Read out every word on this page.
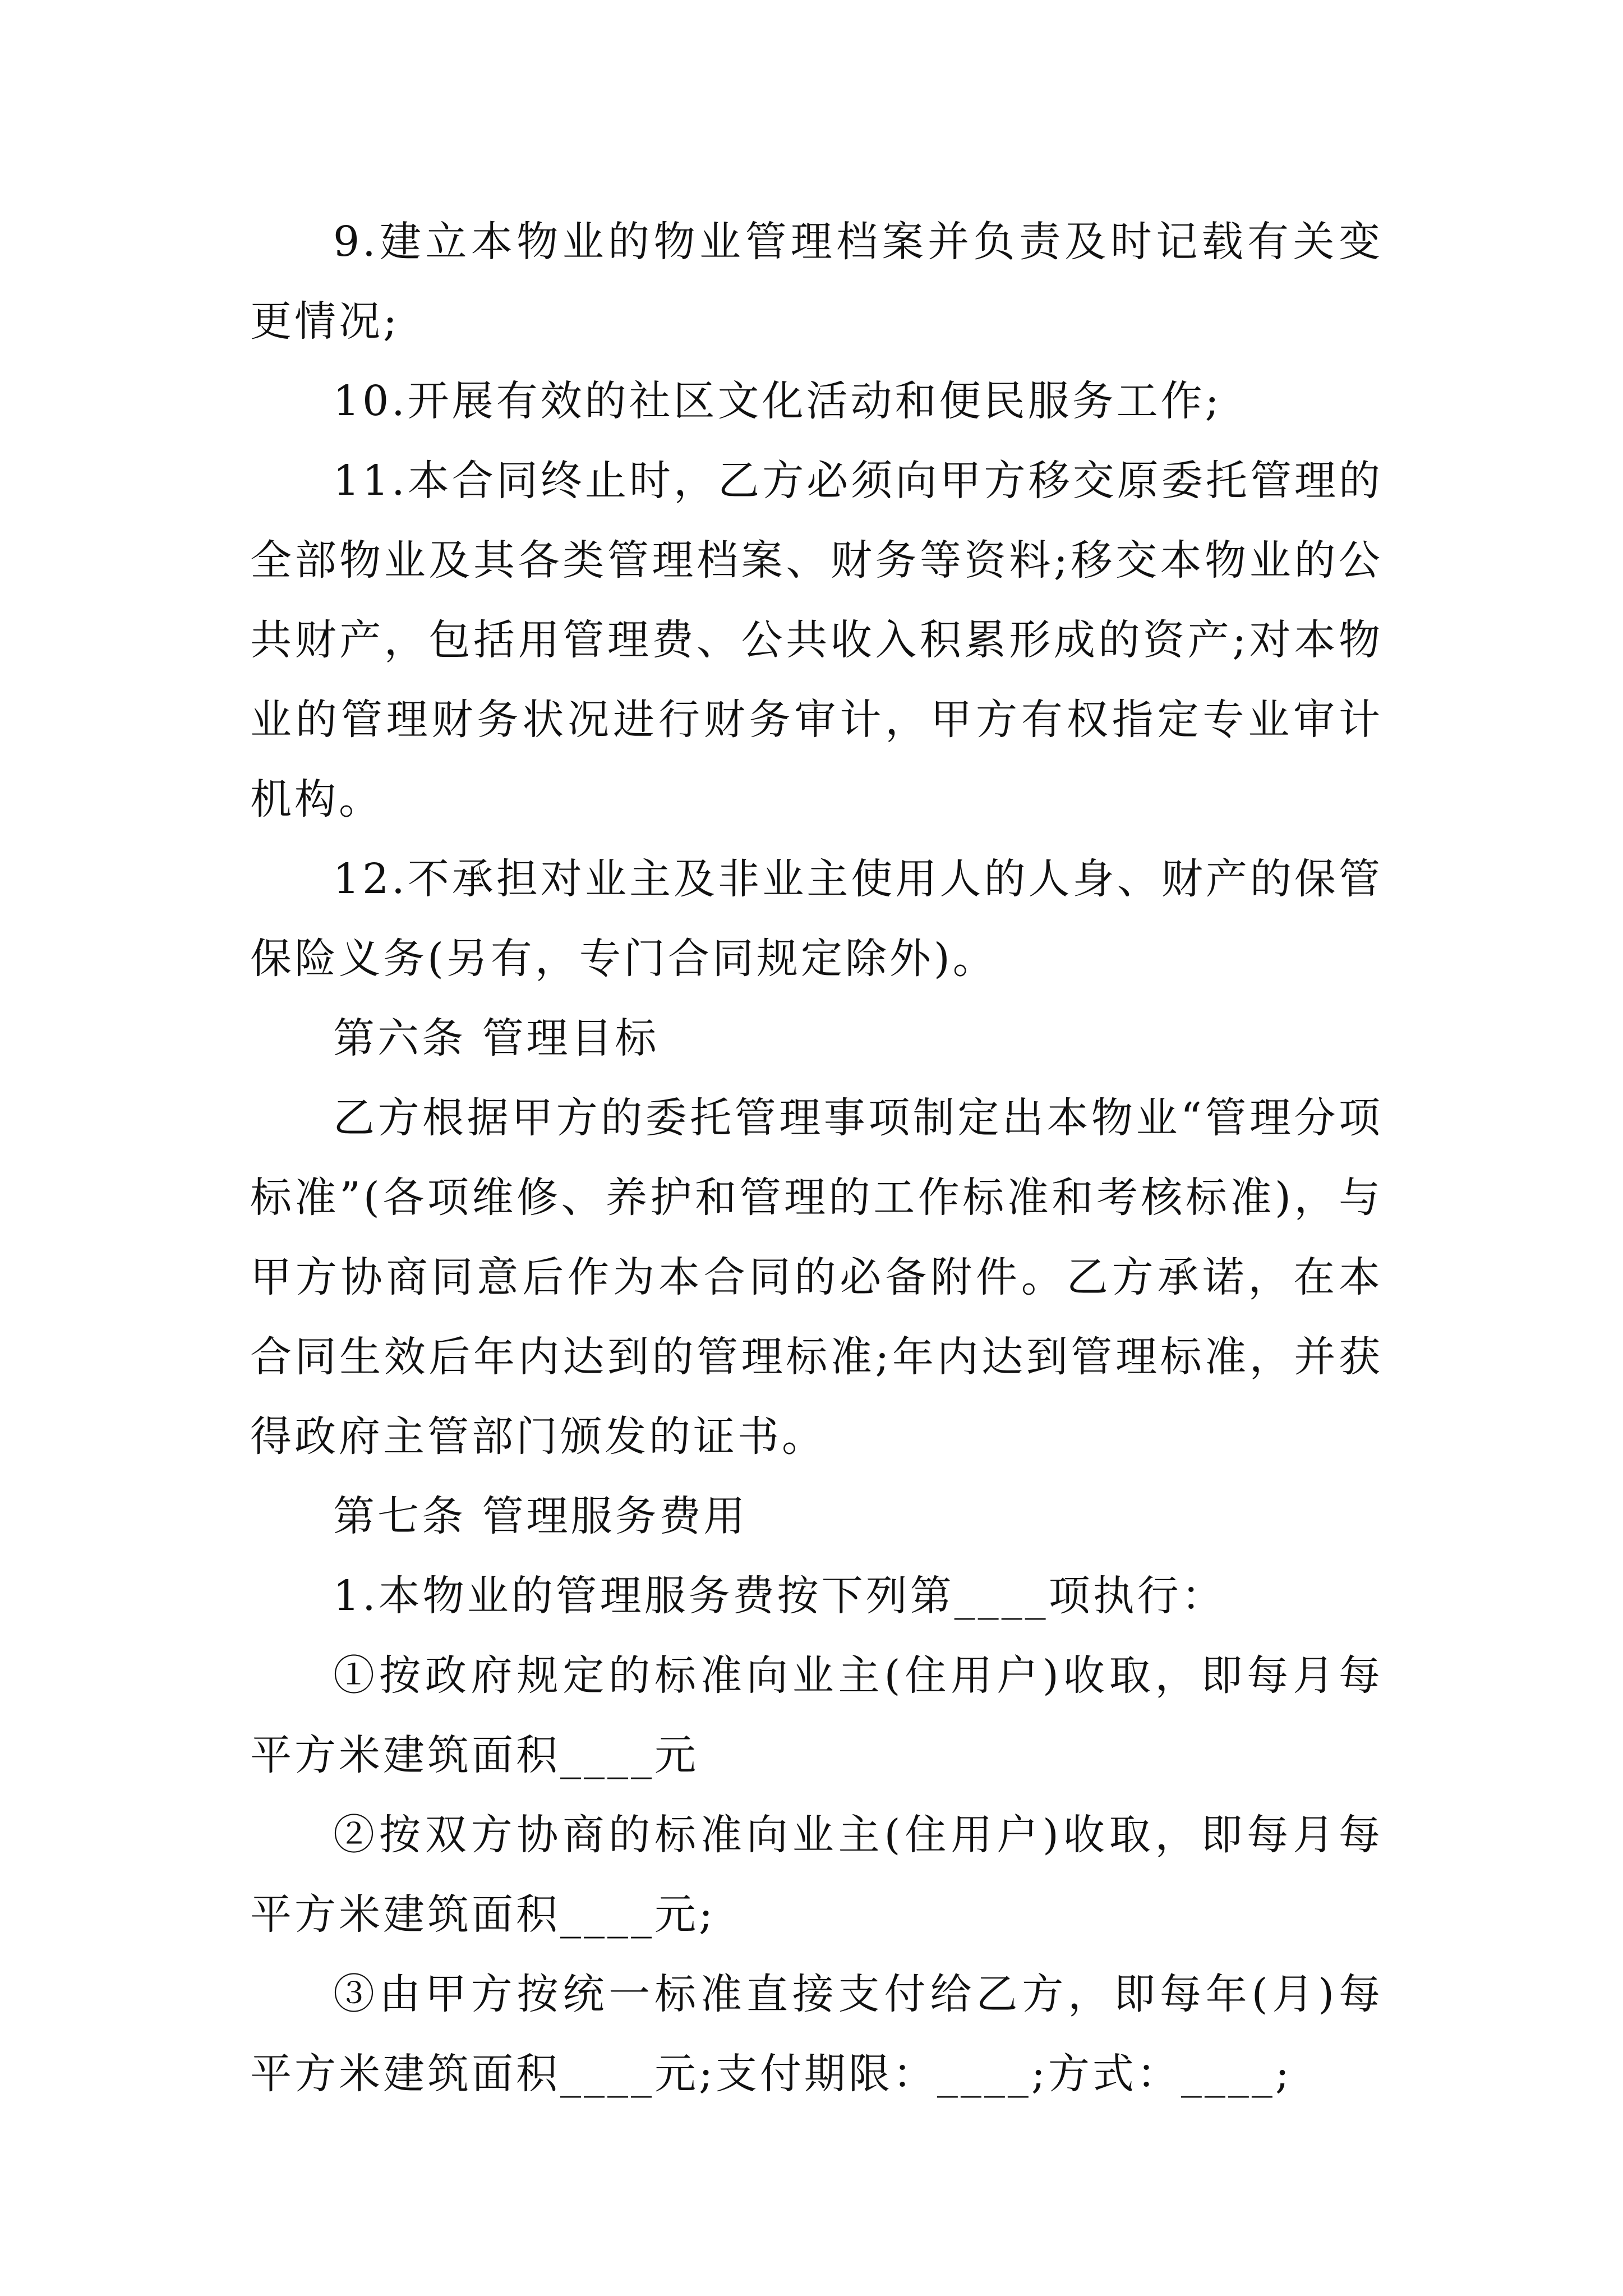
9.建立本物业的物业管理档案并负责及时记载有关变更情况;

10.开展有效的社区文化活动和便民服务工作;

11.本合同终止时，乙方必须向甲方移交原委托管理的全部物业及其各类管理档案、财务等资料;移交本物业的公共财产，包括用管理费、公共收入积累形成的资产;对本物业的管理财务状况进行财务审计，甲方有权指定专业审计机构。

12.不承担对业主及非业主使用人的人身、财产的保管保险义务(另有，专门合同规定除外)。

第六条 管理目标

乙方根据甲方的委托管理事项制定出本物业“管理分项标准”(各项维修、养护和管理的工作标准和考核标准)，与甲方协商同意后作为本合同的必备附件。乙方承诺，在本合同生效后年内达到的管理标准;年内达到管理标准，并获得政府主管部门颁发的证书。

第七条 管理服务费用

1.本物业的管理服务费按下列第____项执行：

①按政府规定的标准向业主(住用户)收取，即每月每平方米建筑面积____元

②按双方协商的标准向业主(住用户)收取，即每月每平方米建筑面积____元;

③由甲方按统一标准直接支付给乙方，即每年(月)每平方米建筑面积____元;支付期限：____;方式：____;
